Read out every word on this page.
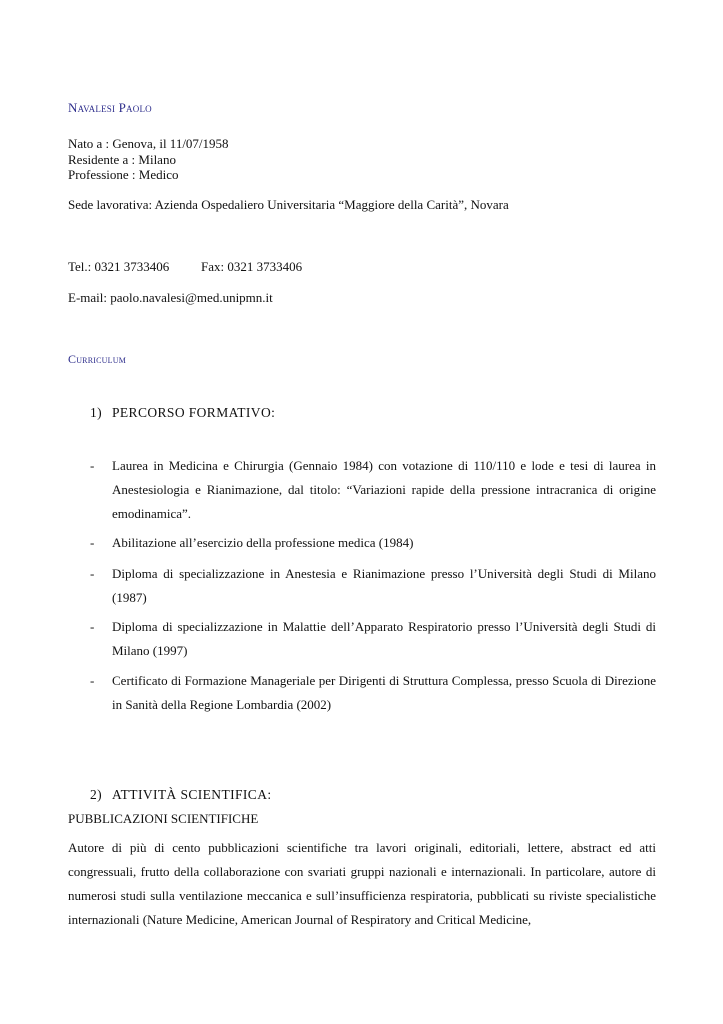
Navalesi Paolo
Nato a : Genova, il 11/07/1958
Residente a : Milano
Professione : Medico
Sede lavorativa: Azienda Ospedaliero Universitaria “Maggiore della Carità”, Novara
Tel.: 0321 3733406 Fax: 0321 3733406
E-mail: paolo.navalesi@med.unipmn.it
Curriculum
1) PERCORSO FORMATIVO:
- Laurea in Medicina e Chirurgia (Gennaio 1984) con votazione di 110/110 e lode e tesi di laurea in Anestesiologia e Rianimazione, dal titolo: “Variazioni rapide della pressione intracranica di origine emodinamica”.
- Abilitazione all’esercizio della professione medica (1984)
- Diploma di specializzazione in Anestesia e Rianimazione presso l’Università degli Studi di Milano (1987)
- Diploma di specializzazione in Malattie dell’Apparato Respiratorio presso l’Università degli Studi di Milano (1997)
- Certificato di Formazione Manageriale per Dirigenti di Struttura Complessa, presso Scuola di Direzione in Sanità della Regione Lombardia (2002)
2) ATTIVITÀ SCIENTIFICA:
PUBBLICAZIONI SCIENTIFICHE
Autore di più di cento pubblicazioni scientifiche tra lavori originali, editoriali, lettere, abstract ed atti congressuali, frutto della collaborazione con svariati gruppi nazionali e internazionali. In particolare, autore di numerosi studi sulla ventilazione meccanica e sull’insufficienza respiratoria, pubblicati su riviste specialistiche internazionali (Nature Medicine, American Journal of Respiratory and Critical Medicine,
